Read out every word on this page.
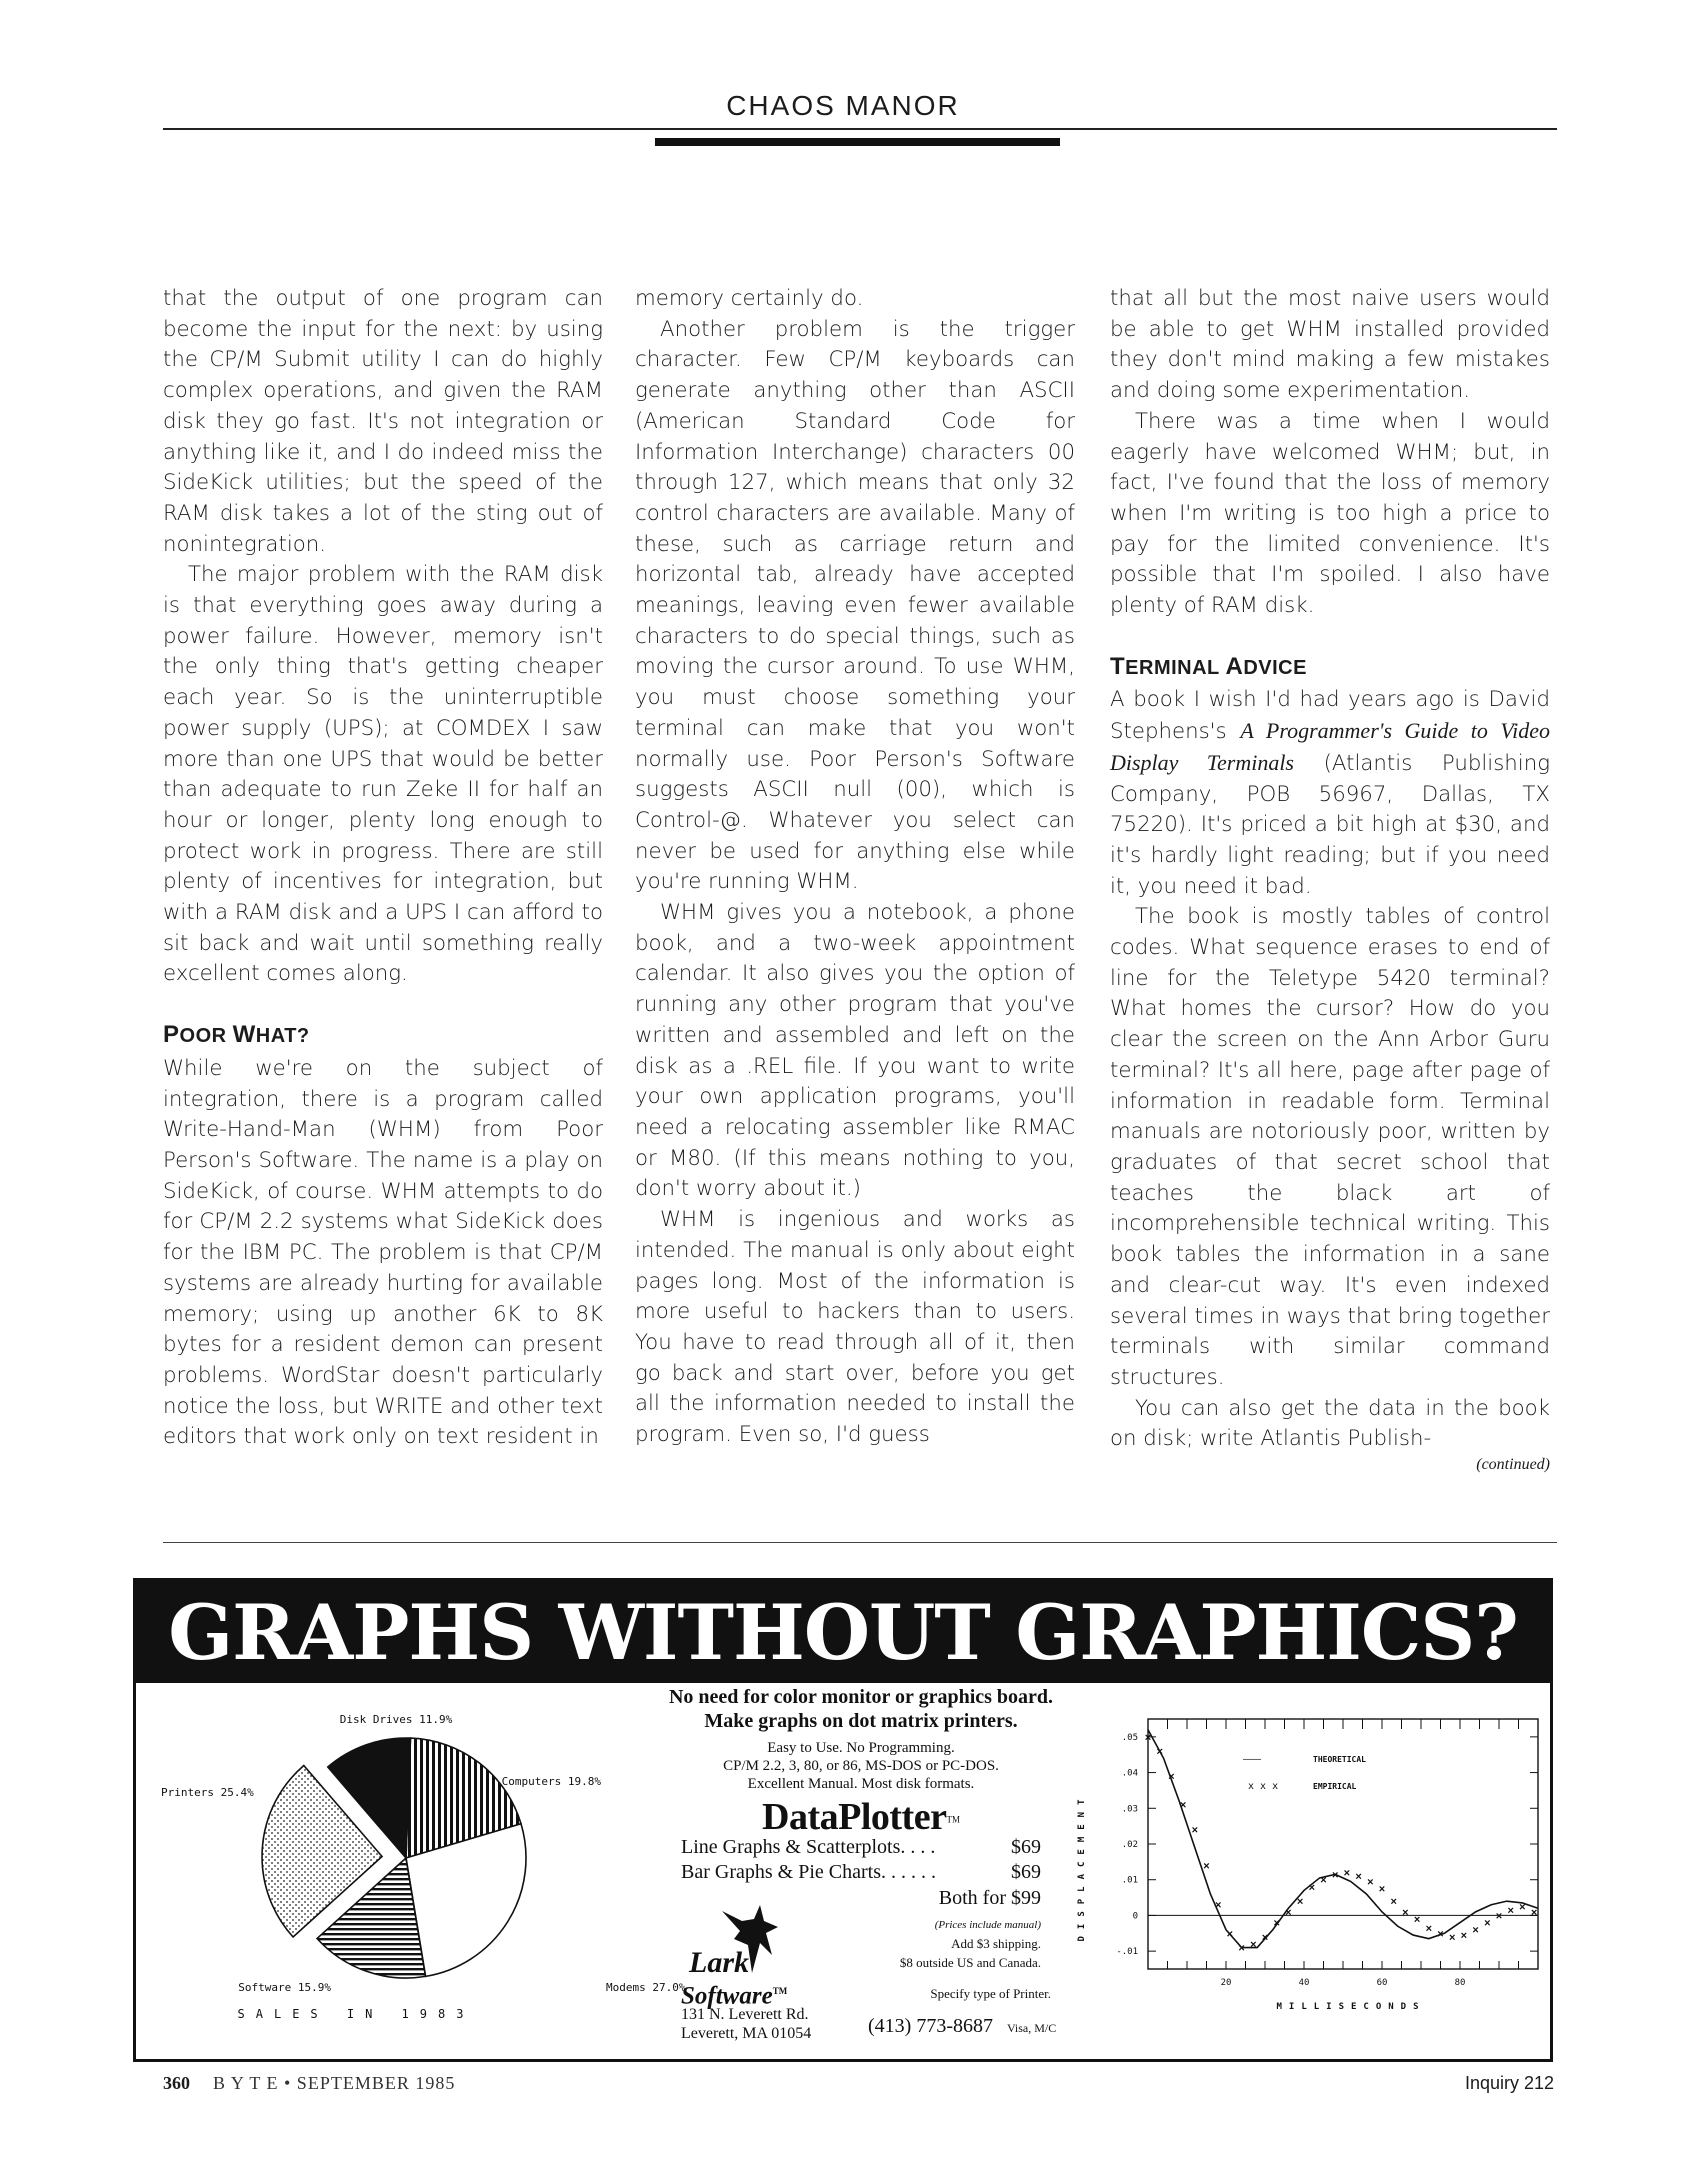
CHAOS MANOR

that the output of one program can become the input for the next: by using the CP/M Submit utility I can do highly complex operations, and given the RAM disk they go fast. It's not integration or anything like it, and I do indeed miss the SideKick utilities; but the speed of the RAM disk takes a lot of the sting out of nonintegration.

The major problem with the RAM disk is that everything goes away during a power failure. However, memory isn't the only thing that's getting cheaper each year. So is the uninterruptible power supply (UPS); at COMDEX I saw more than one UPS that would be better than adequate to run Zeke II for half an hour or longer, plenty long enough to protect work in progress. There are still plenty of incentives for integration, but with a RAM disk and a UPS I can afford to sit back and wait until something really excellent comes along.

POOR WHAT?

While we're on the subject of integration, there is a program called Write-Hand-Man (WHM) from Poor Person's Software. The name is a play on SideKick, of course. WHM attempts to do for CP/M 2.2 systems what SideKick does for the IBM PC. The problem is that CP/M systems are already hurting for available memory; using up another 6K to 8K bytes for a resident demon can present problems. WordStar doesn't particularly notice the loss, but WRITE and other text editors that work only on text resident in

memory certainly do.

Another problem is the trigger character. Few CP/M keyboards can generate anything other than ASCII (American Standard Code for Information Interchange) characters 00 through 127, which means that only 32 control characters are available. Many of these, such as carriage return and horizontal tab, already have accepted meanings, leaving even fewer available characters to do special things, such as moving the cursor around. To use WHM, you must choose something your terminal can make that you won't normally use. Poor Person's Software suggests ASCII null (00), which is Control-@. Whatever you select can never be used for anything else while you're running WHM.

WHM gives you a notebook, a phone book, and a two-week appointment calendar. It also gives you the option of running any other program that you've written and assembled and left on the disk as a .REL file. If you want to write your own application programs, you'll need a relocating assembler like RMAC or M80. (If this means nothing to you, don't worry about it.)

WHM is ingenious and works as intended. The manual is only about eight pages long. Most of the information is more useful to hackers than to users. You have to read through all of it, then go back and start over, before you get all the information needed to install the program. Even so, I'd guess

that all but the most naive users would be able to get WHM installed provided they don't mind making a few mistakes and doing some experimentation.

There was a time when I would eagerly have welcomed WHM; but, in fact, I've found that the loss of memory when I'm writing is too high a price to pay for the limited convenience. It's possible that I'm spoiled. I also have plenty of RAM disk.

TERMINAL ADVICE

A book I wish I'd had years ago is David Stephens's A Programmer's Guide to Video Display Terminals (Atlantis Publishing Company, POB 56967, Dallas, TX 75220). It's priced a bit high at $30, and it's hardly light reading; but if you need it, you need it bad.

The book is mostly tables of control codes. What sequence erases to end of line for the Teletype 5420 terminal? What homes the cursor? How do you clear the screen on the Ann Arbor Guru terminal? It's all here, page after page of information in readable form. Terminal manuals are notoriously poor, written by graduates of that secret school that teaches the black art of incomprehensible technical writing. This book tables the information in a sane and clear-cut way. It's even indexed several times in ways that bring together terminals with similar command structures.

You can also get the data in the book on disk; write Atlantis Publish-

(continued)
GRAPHS WITHOUT GRAPHICS?
Disk Drives 11.9%
Computers 19.8%
Modems 27.0%
Software 15.9%
Printers 25.4%
SALES IN 1983
No need for color monitor or graphics board.
Make graphs on dot matrix printers.
Easy to Use. No Programming.
CP/M 2.2, 3, 80, or 86, MS-DOS or PC-DOS.
Excellent Manual. Most disk formats.
DataPlotter™
Line Graphs & Scatterplots. . . .	$69
Bar Graphs & Pie Charts. . . . . .	$69
Both for $99
(Prices include manual)
Add $3 shipping.
$8 outside US and Canada.
Specify type of Printer.
Lark
Software™
131 N. Leverett Rd.
Leverett, MA 01054	(413) 773-8687 Visa, M/C
.05
.04
.03
.02
.01
0
-.01
20	40	60	80
×
×
×
×
×
×
×
×
× ×
×
×
×
×
×
× × × × ×
×
×
×
×
× × × × ×
×
× × × ×
———	THEORETICAL
x x x	EMPIRICAL
MILLISECONDS
DISPLACEMENT
360 B Y T E • SEPTEMBER 1985	Inquiry 212
